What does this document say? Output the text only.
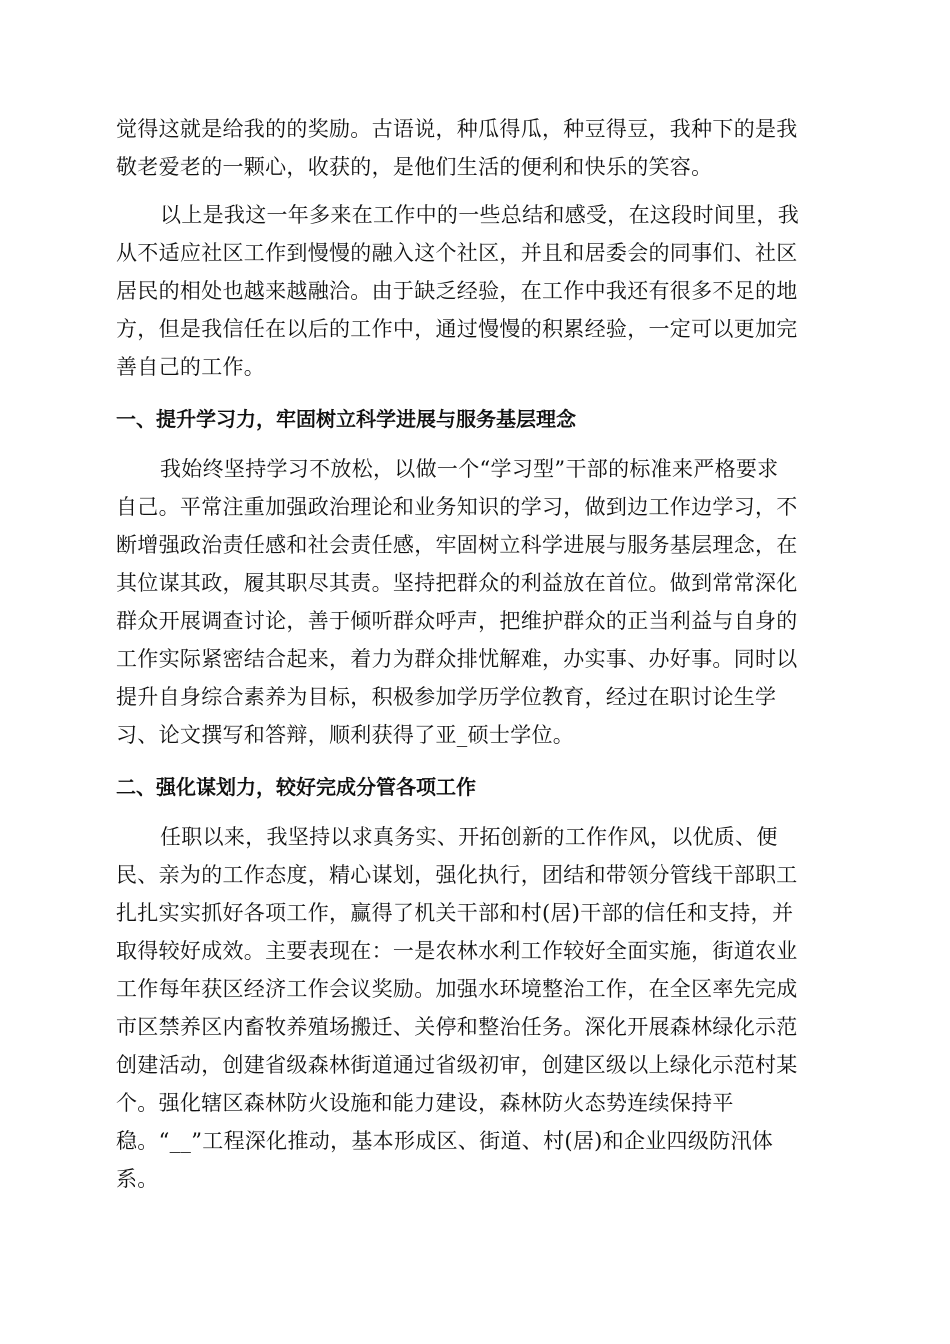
觉得这就是给我的的奖励。古语说，种瓜得瓜，种豆得豆，我种下的是我
敬老爱老的一颗心，收获的，是他们生活的便利和快乐的笑容。
以上是我这一年多来在工作中的一些总结和感受，在这段时间里，我
从不适应社区工作到慢慢的融入这个社区，并且和居委会的同事们、社区
居民的相处也越来越融洽。由于缺乏经验，在工作中我还有很多不足的地
方，但是我信任在以后的工作中，通过慢慢的积累经验，一定可以更加完
善自己的工作。
一、提升学习力，牢固树立科学进展与服务基层理念
我始终坚持学习不放松，以做一个“学习型”干部的标准来严格要求
自己。平常注重加强政治理论和业务知识的学习，做到边工作边学习，不
断增强政治责任感和社会责任感，牢固树立科学进展与服务基层理念，在
其位谋其政，履其职尽其责。坚持把群众的利益放在首位。做到常常深化
群众开展调查讨论，善于倾听群众呼声，把维护群众的正当利益与自身的
工作实际紧密结合起来，着力为群众排忧解难，办实事、办好事。同时以
提升自身综合素养为目标，积极参加学历学位教育，经过在职讨论生学
习、论文撰写和答辩，顺利获得了亚_硕士学位。
二、强化谋划力，较好完成分管各项工作
任职以来，我坚持以求真务实、开拓创新的工作作风，以优质、便
民、亲为的工作态度，精心谋划，强化执行，团结和带领分管线干部职工
扎扎实实抓好各项工作，赢得了机关干部和村(居)干部的信任和支持，并
取得较好成效。主要表现在：一是农林水利工作较好全面实施，街道农业
工作每年获区经济工作会议奖励。加强水环境整治工作，在全区率先完成
市区禁养区内畜牧养殖场搬迁、关停和整治任务。深化开展森林绿化示范
创建活动，创建省级森林街道通过省级初审，创建区级以上绿化示范村某
个。强化辖区森林防火设施和能力建设，森林防火态势连续保持平
稳。“__”工程深化推动，基本形成区、街道、村(居)和企业四级防汛体
系。
